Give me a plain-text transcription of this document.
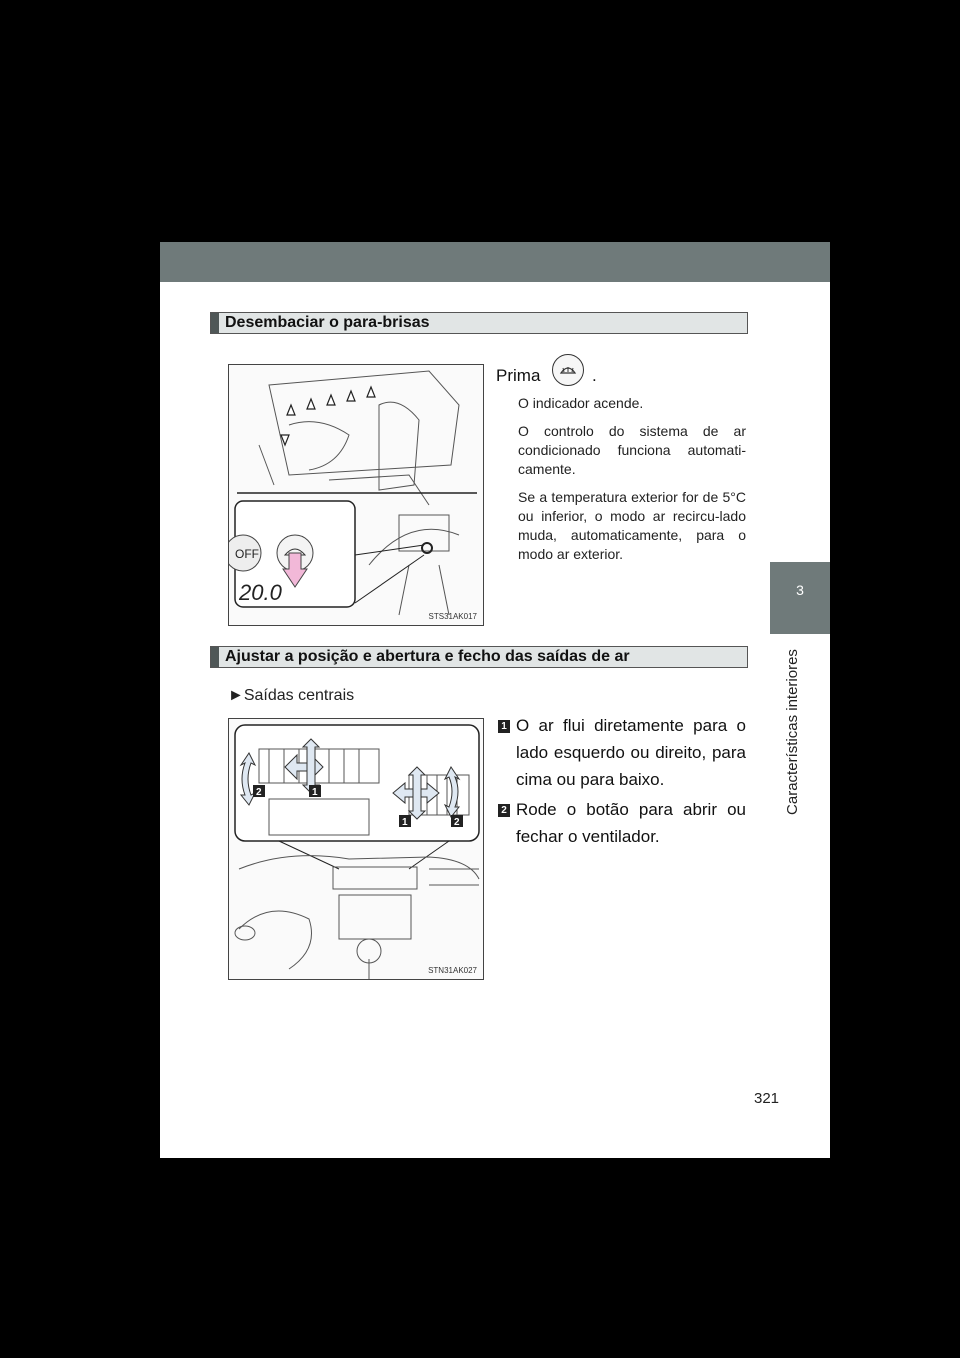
3
Características interiores
Desembaciar o para-brisas
OFF
20.0
STS31AK017
Prima	.
O indicador acende.
O controlo do sistema de ar condicionado funciona automati-camente.
Se a temperatura exterior for de 5°C ou inferior, o modo ar recircu-lado muda, automaticamente, para o modo ar exterior.
Ajustar a posição e abertura e fecho das saídas de ar
►Saídas centrais
2	1
1	2
STN31AK027
1 O ar flui diretamente para o lado esquerdo ou direito, para cima ou para baixo.
2 Rode o botão para abrir ou fechar o ventilador.
321
